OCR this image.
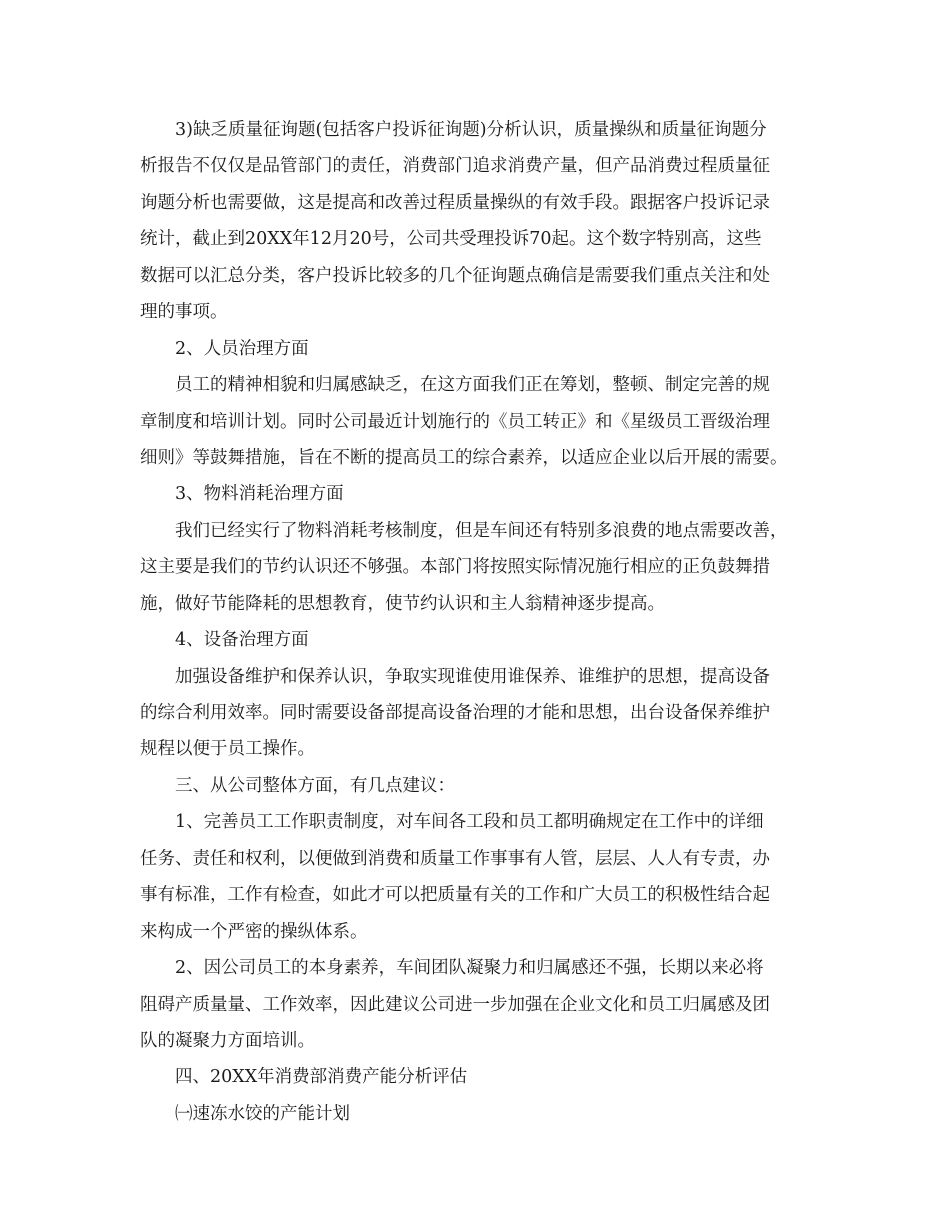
3)缺乏质量征询题(包括客户投诉征询题)分析认识，质量操纵和质量征询题分
析报告不仅仅是品管部门的责任，消费部门追求消费产量，但产品消费过程质量征
询题分析也需要做，这是提高和改善过程质量操纵的有效手段。跟据客户投诉记录
统计，截止到20XX年12月20号，公司共受理投诉70起。这个数字特别高，这些
数据可以汇总分类，客户投诉比较多的几个征询题点确信是需要我们重点关注和处
理的事项。
2、人员治理方面
员工的精神相貌和归属感缺乏，在这方面我们正在筹划，整顿、制定完善的规
章制度和培训计划。同时公司最近计划施行的《员工转正》和《星级员工晋级治理
细则》等鼓舞措施，旨在不断的提高员工的综合素养，以适应企业以后开展的需要。
3、物料消耗治理方面
我们已经实行了物料消耗考核制度，但是车间还有特别多浪费的地点需要改善，
这主要是我们的节约认识还不够强。本部门将按照实际情况施行相应的正负鼓舞措
施，做好节能降耗的思想教育，使节约认识和主人翁精神逐步提高。
4、设备治理方面
加强设备维护和保养认识，争取实现谁使用谁保养、谁维护的思想，提高设备
的综合利用效率。同时需要设备部提高设备治理的才能和思想，出台设备保养维护
规程以便于员工操作。
三、从公司整体方面，有几点建议：
1、完善员工工作职责制度，对车间各工段和员工都明确规定在工作中的详细
任务、责任和权利，以便做到消费和质量工作事事有人管，层层、人人有专责，办
事有标准，工作有检查，如此才可以把质量有关的工作和广大员工的积极性结合起
来构成一个严密的操纵体系。
2、因公司员工的本身素养，车间团队凝聚力和归属感还不强，长期以来必将
阻碍产质量量、工作效率，因此建议公司进一步加强在企业文化和员工归属感及团
队的凝聚力方面培训。
四、20XX年消费部消费产能分析评估
㈠速冻水饺的产能计划
